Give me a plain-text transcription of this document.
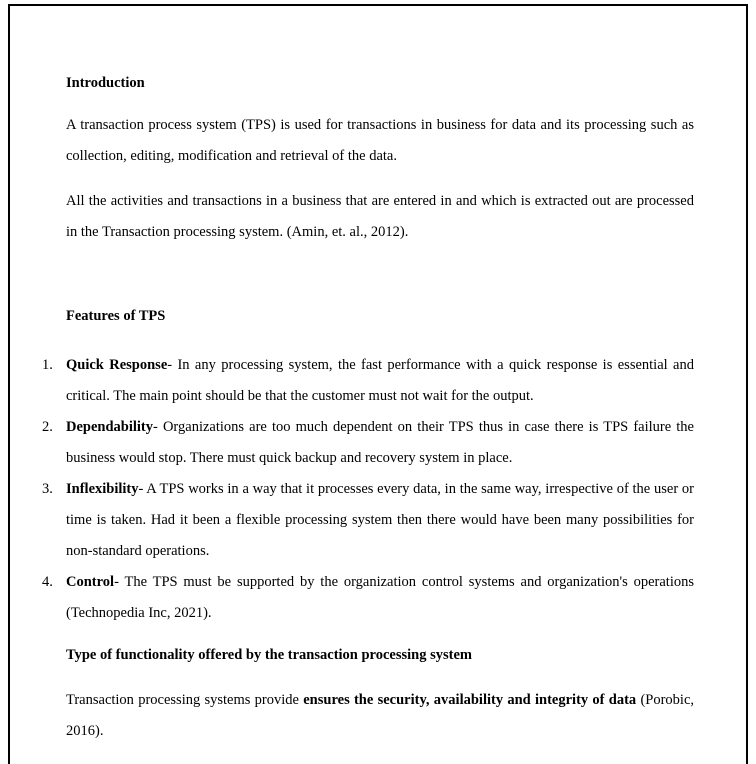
Introduction

A transaction process system (TPS) is used for transactions in business for data and its processing such as collection, editing, modification and retrieval of the data.

All the activities and transactions in a business that are entered in and which is extracted out are processed in the Transaction processing system. (Amin, et. al., 2012).

Features of TPS

1. Quick Response- In any processing system, the fast performance with a quick response is essential and critical. The main point should be that the customer must not wait for the output.
2. Dependability- Organizations are too much dependent on their TPS thus in case there is TPS failure the business would stop. There must quick backup and recovery system in place.
3. Inflexibility- A TPS works in a way that it processes every data, in the same way, irrespective of the user or time is taken. Had it been a flexible processing system then there would have been many possibilities for non-standard operations.
4. Control- The TPS must be supported by the organization control systems and organization's operations (Technopedia Inc, 2021).

Type of functionality offered by the transaction processing system

Transaction processing systems provide ensures the security, availability and integrity of data (Porobic, 2016).
